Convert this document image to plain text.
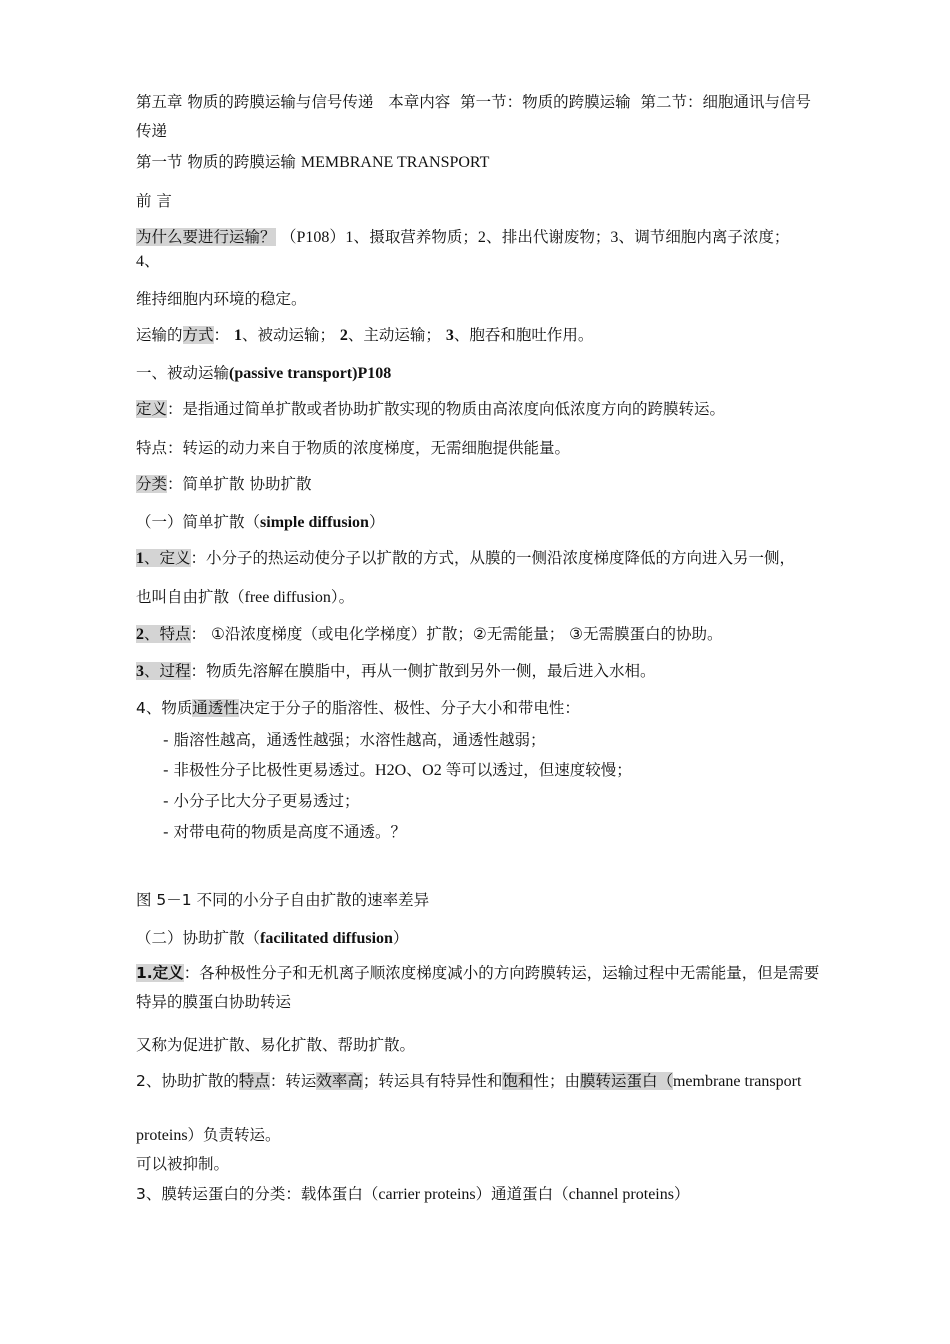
第五章 物质的跨膜运输与信号传递 本章内容 第一节：物质的跨膜运输 第二节：细胞通讯与信号传递
第一节 物质的跨膜运输 MEMBRANE TRANSPORT
前 言
为什么要进行运输？ （P108）1、摄取营养物质；2、排出代谢废物；3、调节细胞内离子浓度；
4、
维持细胞内环境的稳定。
运输的方式： 1、被动运输； 2、主动运输； 3、胞吞和胞吐作用。
一、被动运输(passive transport)P108
定义：是指通过简单扩散或者协助扩散实现的物质由高浓度向低浓度方向的跨膜转运。
特点：转运的动力来自于物质的浓度梯度，无需细胞提供能量。
分类：简单扩散 协助扩散
（一）简单扩散（simple diffusion）
1、定义：小分子的热运动使分子以扩散的方式，从膜的一侧沿浓度梯度降低的方向进入另一侧，
也叫自由扩散（free diffusion）。
2、特点： ①沿浓度梯度（或电化学梯度）扩散；②无需能量； ③无需膜蛋白的协助。
3、过程：物质先溶解在膜脂中，再从一侧扩散到另外一侧，最后进入水相。
4、物质通透性决定于分子的脂溶性、极性、分子大小和带电性：
- 脂溶性越高，通透性越强；水溶性越高，通透性越弱；
- 非极性分子比极性更易透过。H2O、O2 等可以透过，但速度较慢；
- 小分子比大分子更易透过；
- 对带电荷的物质是高度不通透。？
图 5－1 不同的小分子自由扩散的速率差异
（二）协助扩散（facilitated diffusion）
1.定义：各种极性分子和无机离子顺浓度梯度减小的方向跨膜转运，运输过程中无需能量，但是需要特异的膜蛋白协助转运
又称为促进扩散、易化扩散、帮助扩散。
2、协助扩散的特点：转运效率高；转运具有特异性和饱和性；由膜转运蛋白（membrane transport
proteins）负责转运。
可以被抑制。
3、膜转运蛋白的分类：载体蛋白（carrier proteins）通道蛋白（channel proteins）
